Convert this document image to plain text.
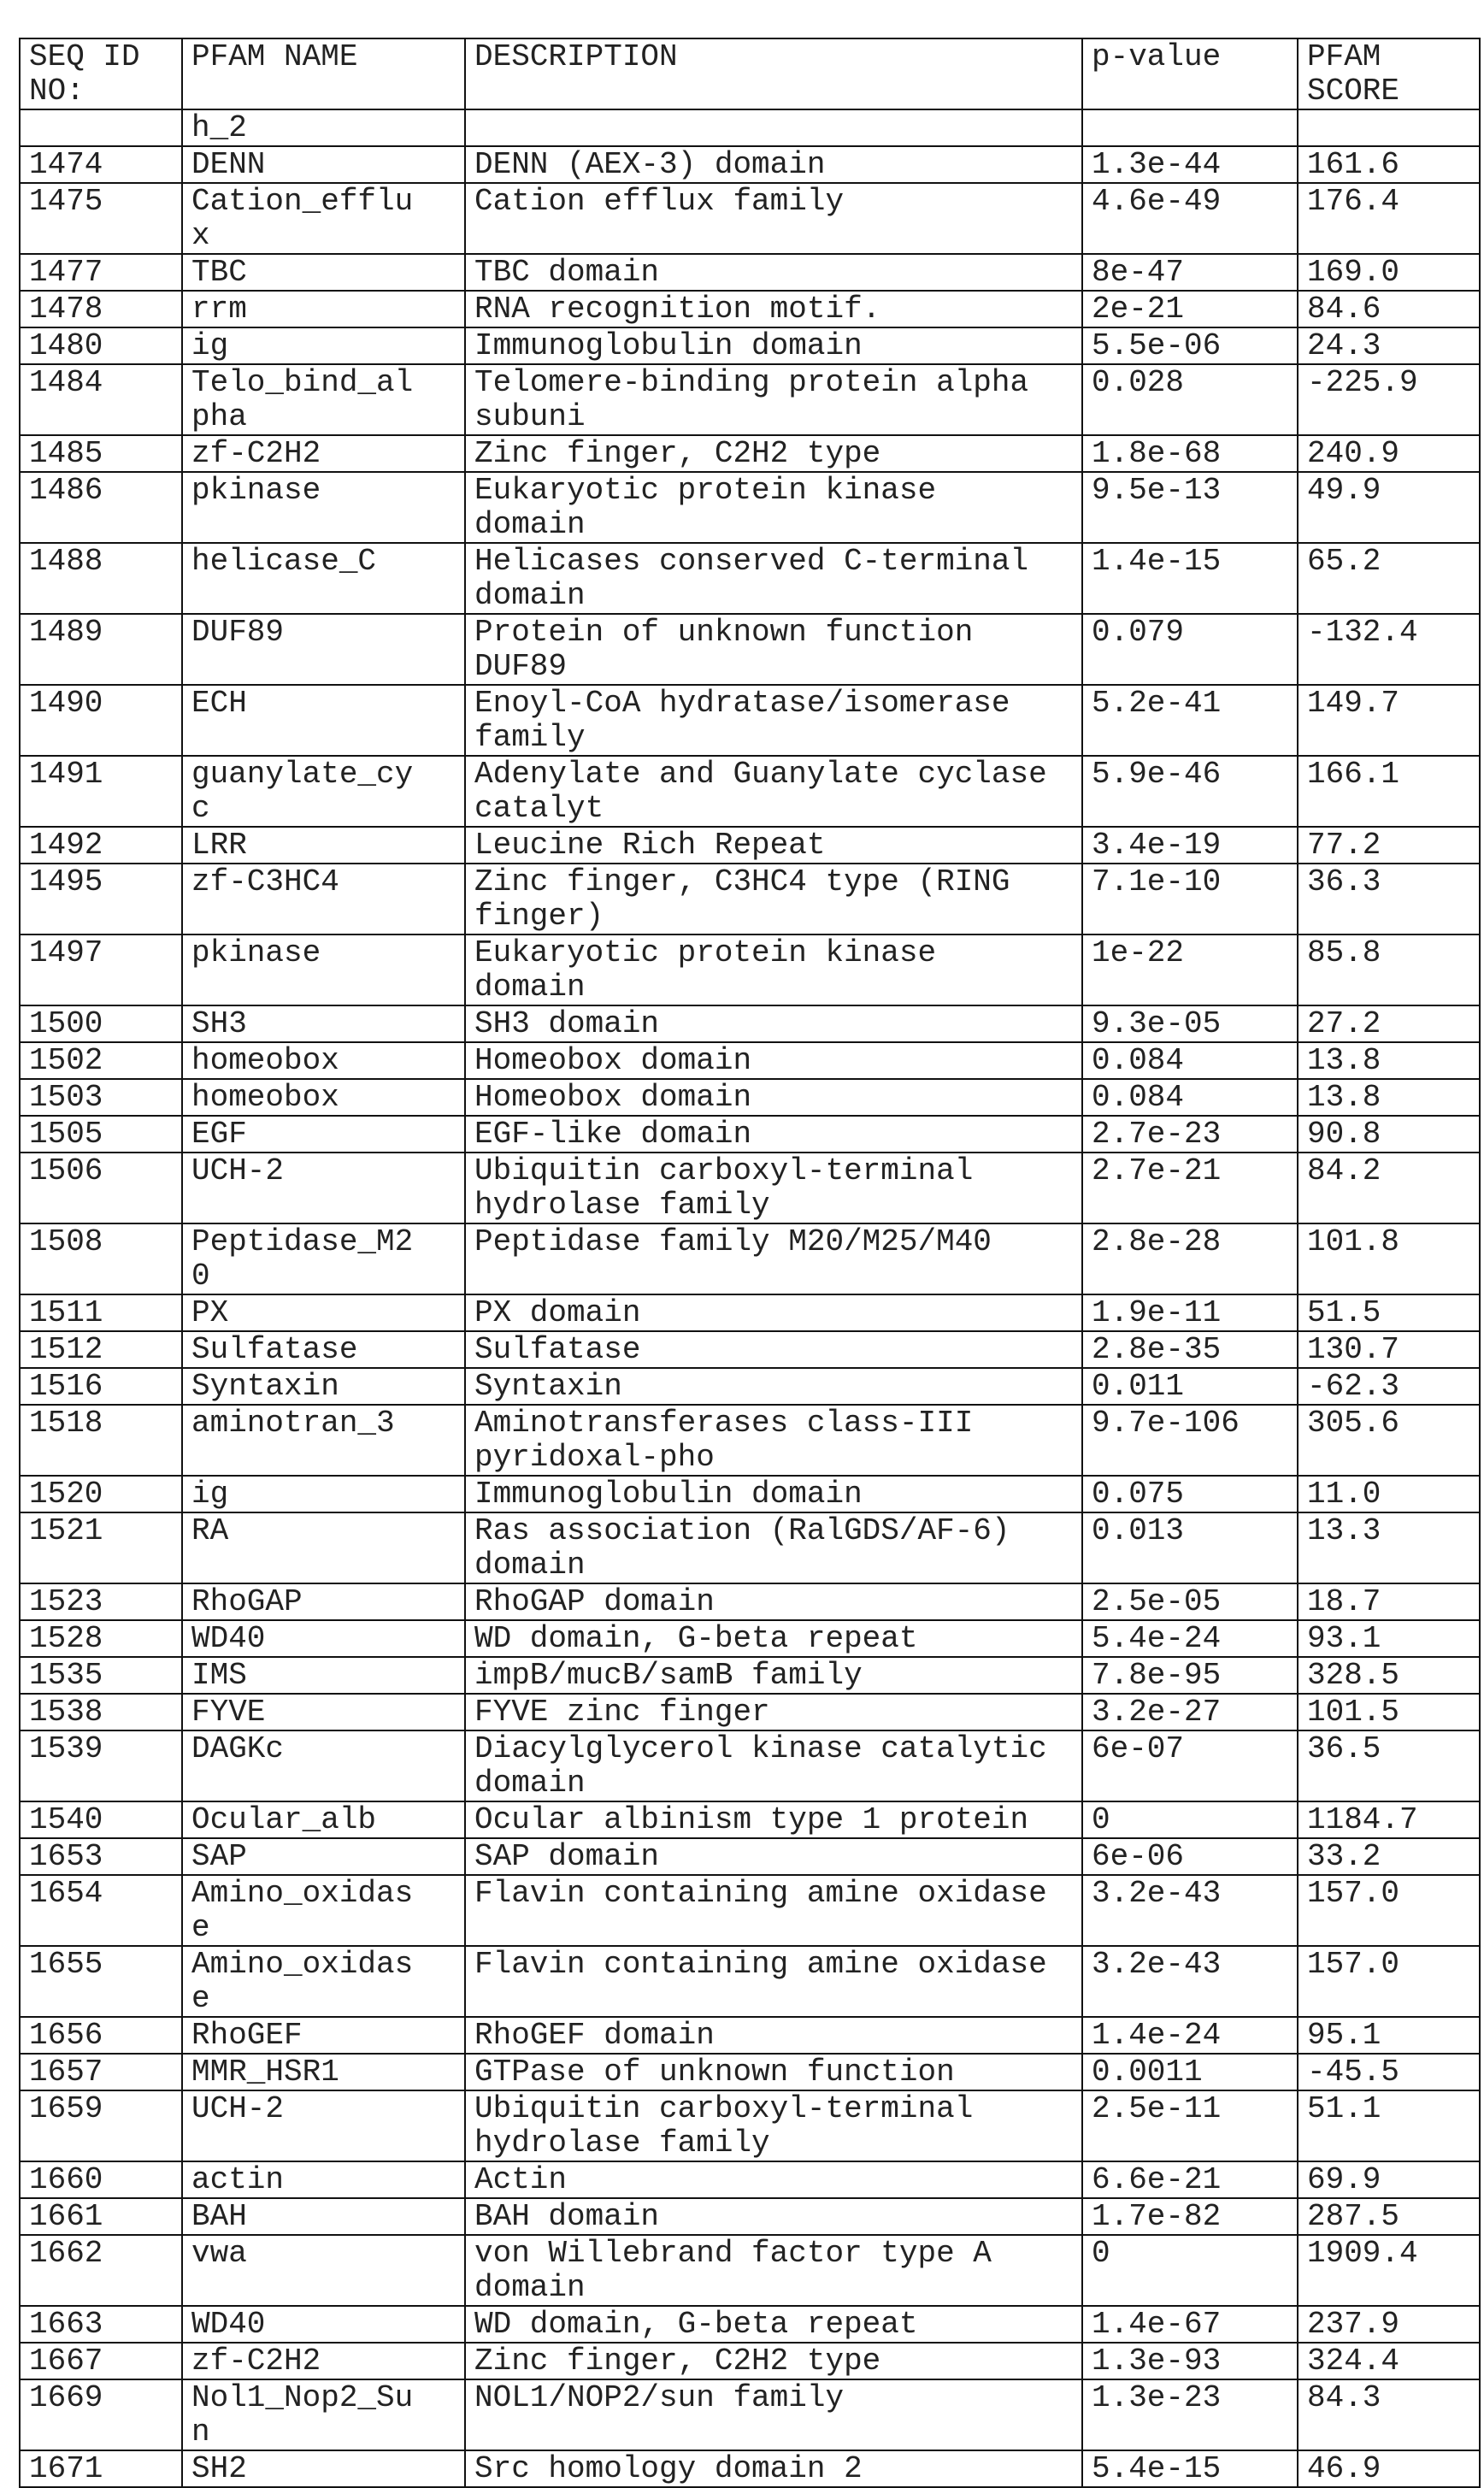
SEQ ID NO:	
PFAM NAME	DESCRIPTION	p-value	PFAM SCORE

h_2

1474	DENN	DENN (AEX-3) domain	1.3e-44	161.6
1475	Cation_efflux

Cation efflux family	4.6e-49	176.4
1477	TBC	TBC domain	8e-47	169.0
1478	rrm	RNA recognition motif.	2e-21	84.6
1480	ig	Immunoglobulin domain	5.5e-06	24.3
1484	Telo_bind_alpha

Telomere-binding protein alpha subuni
	0.028	-225.9
1485	zf-C2H2	Zinc finger, C2H2 type	1.8e-68	240.9
1486	pkinase	Eukaryotic protein kinase domain
	9.5e-13	49.9
1488	helicase_C	Helicases conserved C-terminal domain
	1.4e-15	65.2
1489	DUF89	Protein of unknown function DUF89
	0.079	-132.4
1490	ECH	Enoyl-CoA hydratase/isomerase family
	5.2e-41	149.7
1491	guanylate_cyc

Adenylate and Guanylate cyclase catalyt
	5.9e-46	166.1
1492	LRR	Leucine Rich Repeat	3.4e-19	77.2
1495	zf-C3HC4	Zinc finger, C3HC4 type (RING finger)
	7.1e-10	36.3
1497	pkinase	Eukaryotic protein kinase domain
	1e-22	85.8
1500	SH3	SH3 domain	9.3e-05	27.2
1502	homeobox	Homeobox domain	0.084	13.8
1503	homeobox	Homeobox domain	0.084	13.8
1505	EGF	EGF-like domain	2.7e-23	90.8
1506	UCH-2	Ubiquitin carboxyl-terminal hydrolase family
	2.7e-21	84.2
1508	Peptidase_M20

Peptidase family M20/M25/M40	2.8e-28	101.8
1511	PX	PX domain	1.9e-11	51.5
1512	Sulfatase	Sulfatase	2.8e-35	130.7
1516	Syntaxin	Syntaxin	0.011	-62.3
1518	aminotran_3	Aminotransferases class-III pyridoxal-pho
	9.7e-106	305.6
1520	ig	Immunoglobulin domain	0.075	11.0
1521	RA	Ras association (RalGDS/AF-6) domain
	0.013	13.3
1523	RhoGAP	RhoGAP domain	2.5e-05	18.7
1528	WD40	WD domain, G-beta repeat	5.4e-24	93.1
1535	IMS	impB/mucB/samB family	7.8e-95	328.5
1538	FYVE	FYVE zinc finger	3.2e-27	101.5
1539	DAGKc	Diacylglycerol kinase catalytic domain
	6e-07	36.5
1540	Ocular_alb	Ocular albinism type 1 protein	0	1184.7
1653	SAP	SAP domain	6e-06	33.2
1654	Amino_oxidase

Flavin containing amine oxidase	3.2e-43	157.0
1655	Amino_oxidase

Flavin containing amine oxidase	3.2e-43	157.0
1656	RhoGEF	RhoGEF domain	1.4e-24	95.1
1657	MMR_HSR1	GTPase of unknown function	0.0011	-45.5
1659	UCH-2	Ubiquitin carboxyl-terminal hydrolase family
	2.5e-11	51.1
1660	actin	Actin	6.6e-21	69.9
1661	BAH	BAH domain	1.7e-82	287.5
1662	vwa	von Willebrand factor type A domain
	0	1909.4
1663	WD40	WD domain, G-beta repeat	1.4e-67	237.9
1667	zf-C2H2	Zinc finger, C2H2 type	1.3e-93	324.4
1669	Nol1_Nop2_Sun

NOL1/NOP2/sun family	1.3e-23	84.3
1671	SH2	Src homology domain 2	5.4e-15	46.9
